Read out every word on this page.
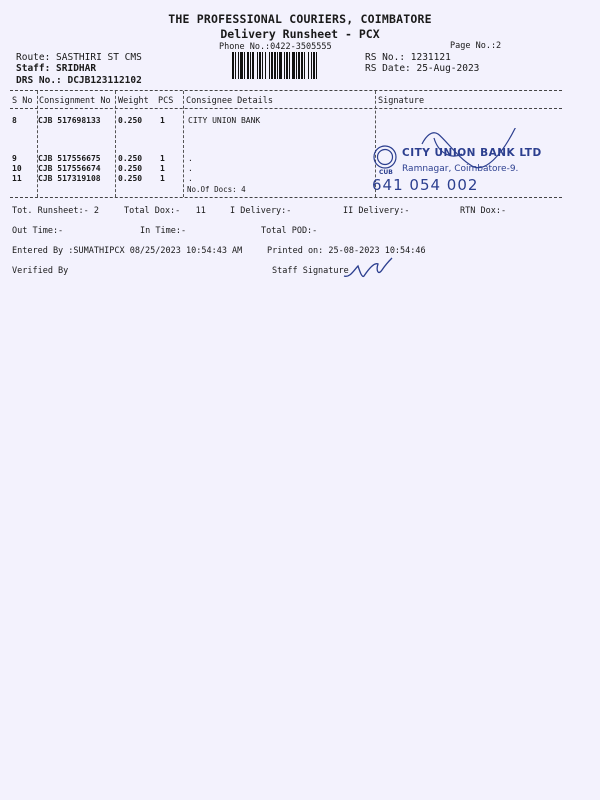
THE PROFESSIONAL COURIERS, COIMBATORE
Delivery Runsheet - PCX
Phone No.:0422-3505555	Page No.:2
Route: SASTHIRI ST CMS
Staff: SRIDHAR
DRS No.: DCJB123112102
RS No.: 1231121
RS Date: 25-Aug-2023
S No Consignment No Weight PCS Consignee Details	Signature
8	CJB 517698133 0.250 1	CITY UNION BANK
9	CJB 517556675 0.250 1	.
10 CJB 517556674 0.250 1	.
11 CJB 517319108 0.250 1	.
No.Of Docs: 4
CUB
CITY UNION BANK LTD
Ramnagar, Coimbatore-9.
641 054 002
Tot. Runsheet:- 2	Total Dox:-   11	I Delivery:-	II Delivery:-	RTN Dox:-
Out Time:-	In Time:-	Total POD:-
Entered By :SUMATHIPCX 08/25/2023 10:54:43 AM	Printed on: 25-08-2023 10:54:46
Verified By	Staff Signature
